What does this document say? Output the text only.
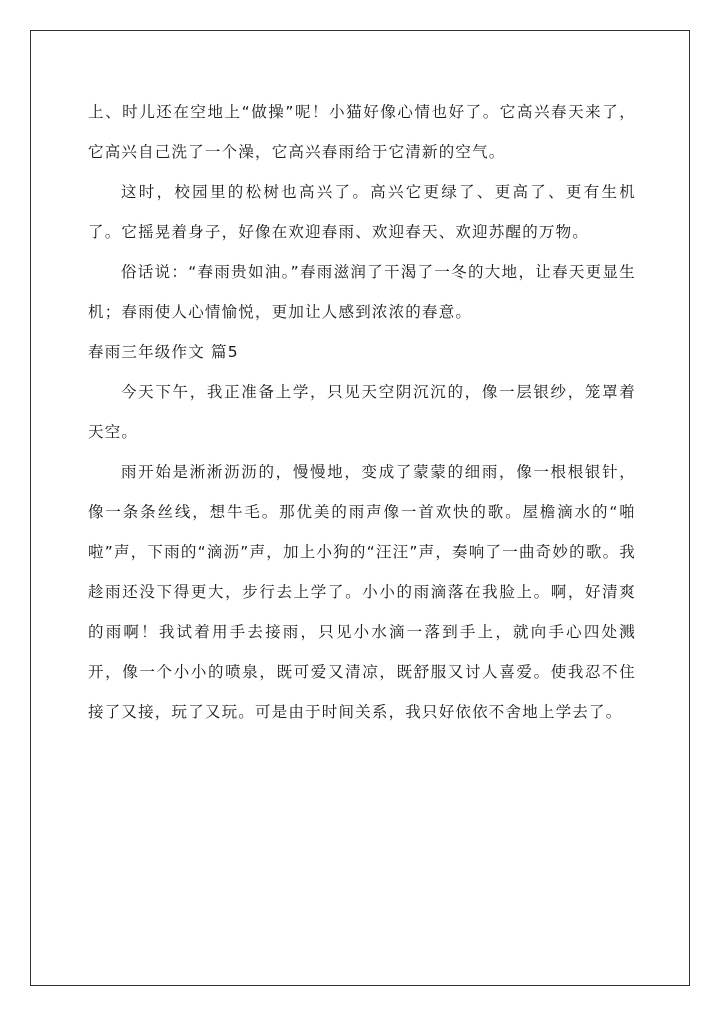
上、时儿还在空地上“做操”呢！小猫好像心情也好了。它高兴春天来了，它高兴自己洗了一个澡，它高兴春雨给于它清新的空气。

这时，校园里的松树也高兴了。高兴它更绿了、更高了、更有生机了。它摇晃着身子，好像在欢迎春雨、欢迎春天、欢迎苏醒的万物。

俗话说：“春雨贵如油。”春雨滋润了干渴了一冬的大地，让春天更显生机；春雨使人心情愉悦，更加让人感到浓浓的春意。

春雨三年级作文 篇5

今天下午，我正准备上学，只见天空阴沉沉的，像一层银纱，笼罩着天空。

雨开始是淅淅沥沥的，慢慢地，变成了蒙蒙的细雨，像一根根银针，像一条条丝线，想牛毛。那优美的雨声像一首欢快的歌。屋檐滴水的“啪啦”声，下雨的“滴沥”声，加上小狗的“汪汪”声，奏响了一曲奇妙的歌。我趁雨还没下得更大，步行去上学了。小小的雨滴落在我脸上。啊，好清爽的雨啊！我试着用手去接雨，只见小水滴一落到手上，就向手心四处溅开，像一个小小的喷泉，既可爱又清凉，既舒服又讨人喜爱。使我忍不住接了又接，玩了又玩。可是由于时间关系，我只好依依不舍地上学去了。
